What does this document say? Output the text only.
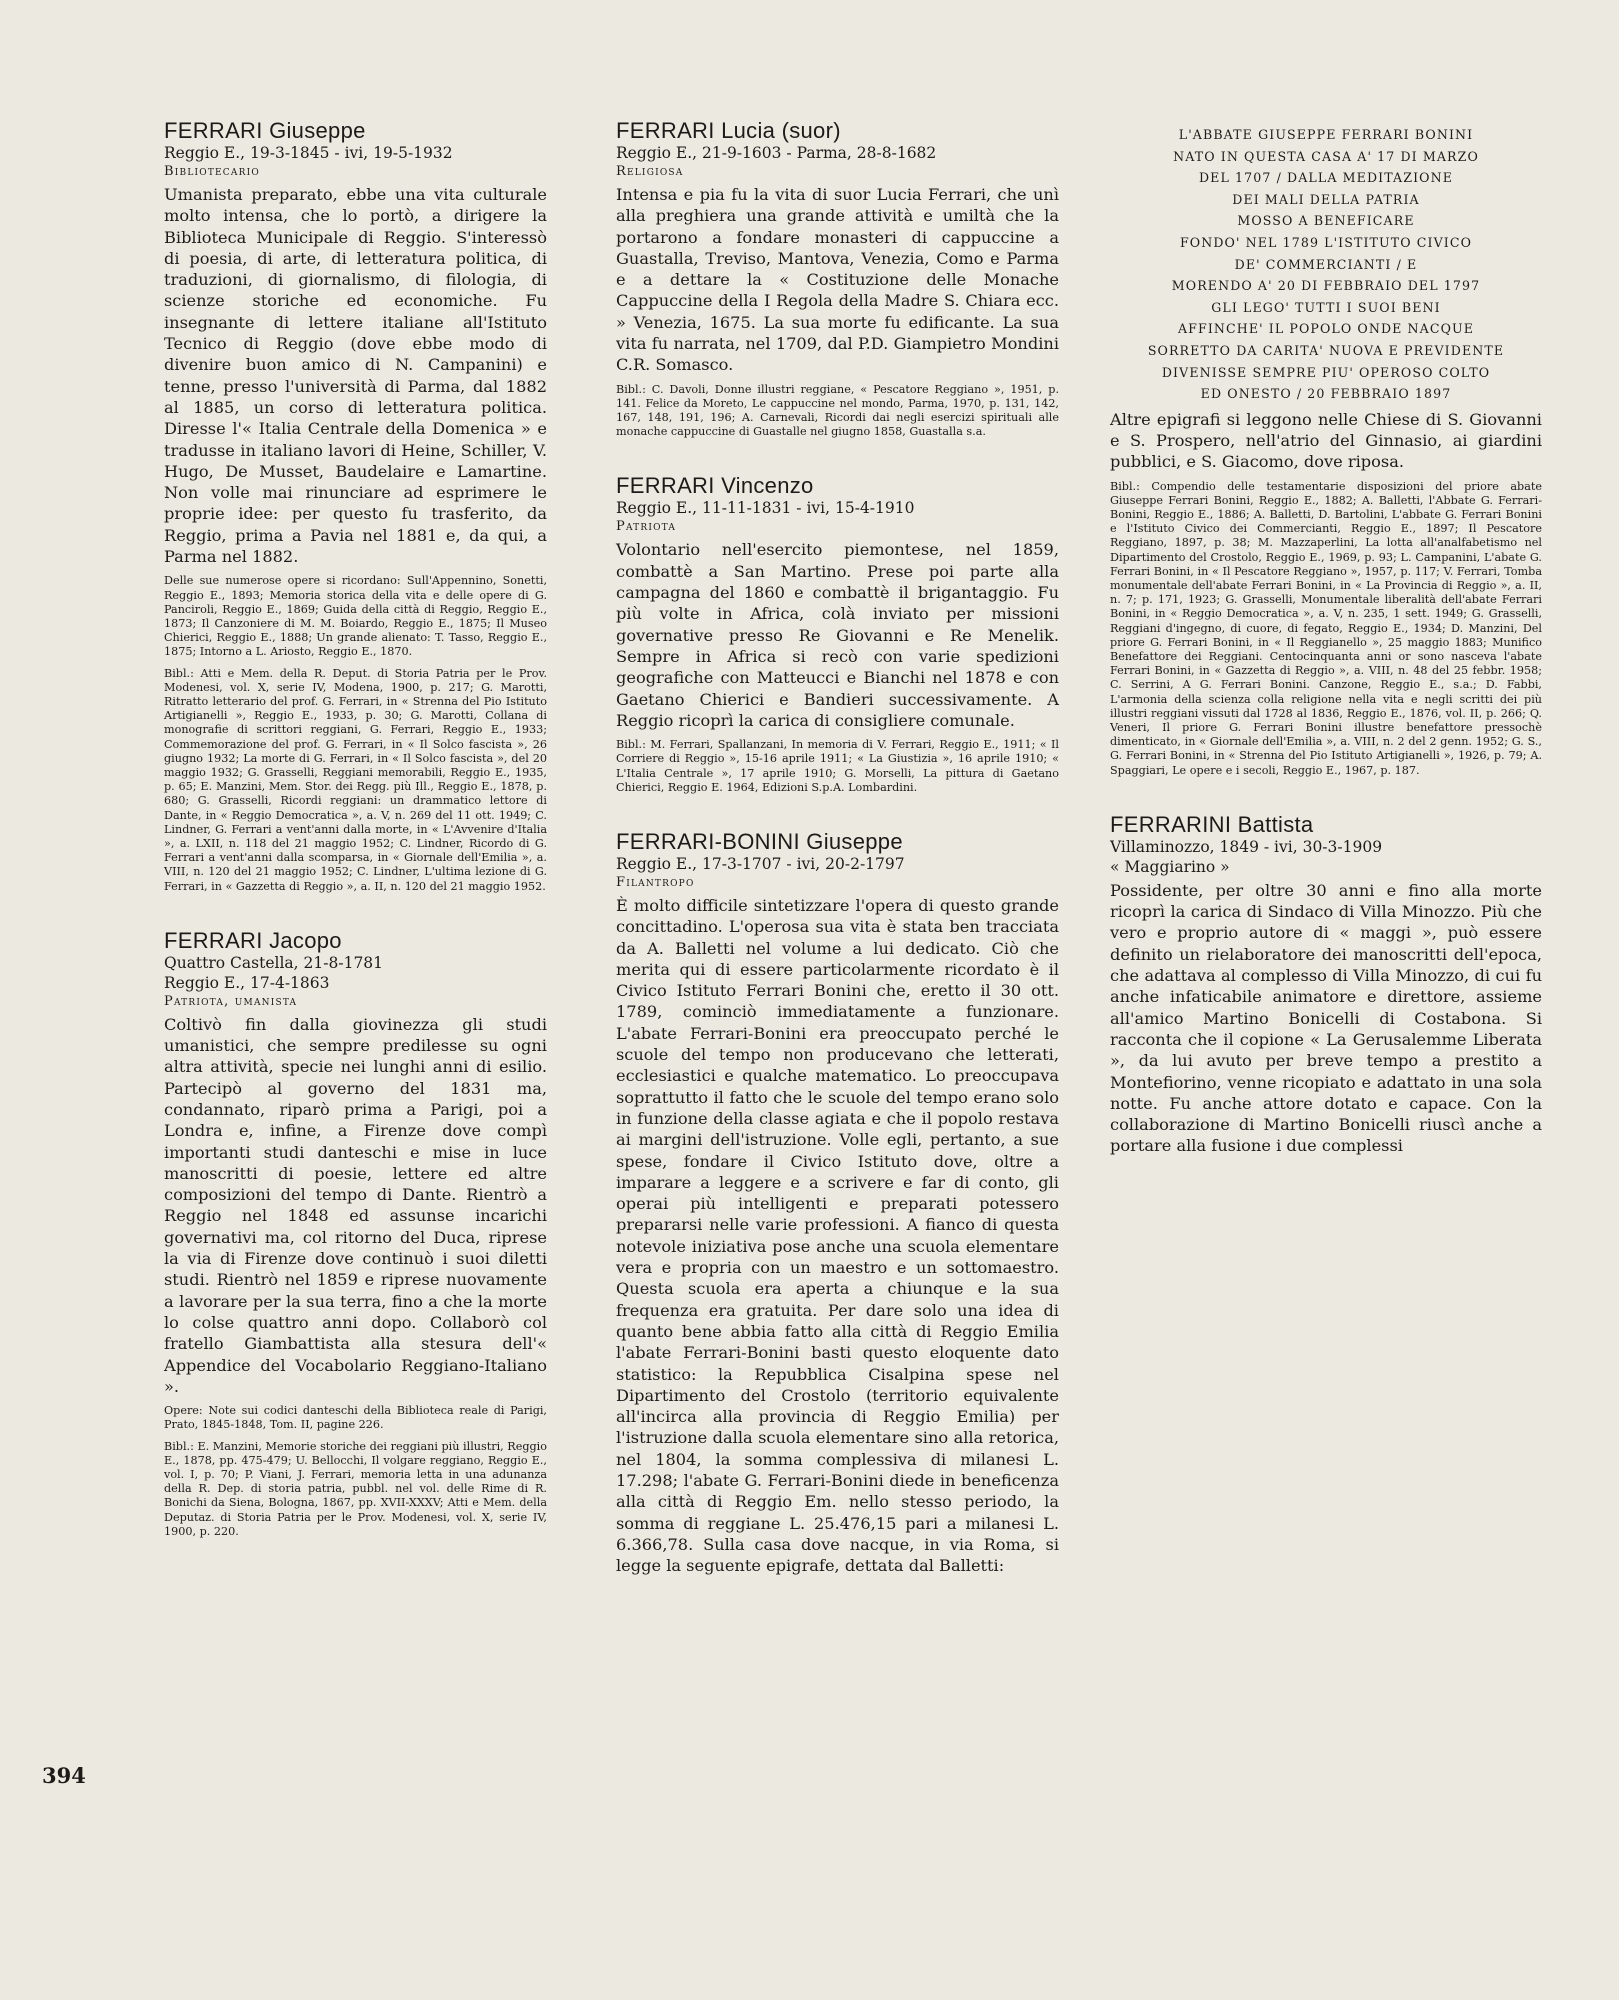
FERRARI Giuseppe
Reggio E., 19-3-1845 - ivi, 19-5-1932
Bibliotecario
Umanista preparato, ebbe una vita culturale molto intensa, che lo portò, a dirigere la Biblioteca Municipale di Reggio. S'interessò di poesia, di arte, di letteratura politica, di traduzioni, di giornalismo, di filologia, di scienze storiche ed economiche. Fu insegnante di lettere italiane all'Istituto Tecnico di Reggio (dove ebbe modo di divenire buon amico di N. Campanini) e tenne, presso l'università di Parma, dal 1882 al 1885, un corso di letteratura politica. Diresse l'« Italia Centrale della Domenica » e tradusse in italiano lavori di Heine, Schiller, V. Hugo, De Musset, Baudelaire e Lamartine. Non volle mai rinunciare ad esprimere le proprie idee: per questo fu trasferito, da Reggio, prima a Pavia nel 1881 e, da qui, a Parma nel 1882.
Delle sue numerose opere si ricordano: Sull'Appennino, Sonetti, Reggio E., 1893; Memoria storica della vita e delle opere di G. Panciroli, Reggio E., 1869; Guida della città di Reggio, Reggio E., 1873; Il Canzoniere di M. M. Boiardo, Reggio E., 1875; Il Museo Chierici, Reggio E., 1888; Un grande alienato: T. Tasso, Reggio E., 1875; Intorno a L. Ariosto, Reggio E., 1870.
Bibl.: Atti e Mem. della R. Deput. di Storia Patria per le Prov. Modenesi, vol. X, serie IV, Modena, 1900, p. 217; G. Marotti, Ritratto letterario del prof. G. Ferrari, in « Strenna del Pio Istituto Artigianelli », Reggio E., 1933, p. 30; G. Marotti, Collana di monografie di scrittori reggiani, G. Ferrari, Reggio E., 1933; Commemorazione del prof. G. Ferrari, in « Il Solco fascista », 26 giugno 1932; La morte di G. Ferrari, in « Il Solco fascista », del 20 maggio 1932; G. Grasselli, Reggiani memorabili, Reggio E., 1935, p. 65; E. Manzini, Mem. Stor. dei Regg. più Ill., Reggio E., 1878, p. 680; G. Grasselli, Ricordi reggiani: un drammatico lettore di Dante, in « Reggio Democratica », a. V, n. 269 del 11 ott. 1949; C. Lindner, G. Ferrari a vent'anni dalla morte, in « L'Avvenire d'Italia », a. LXII, n. 118 del 21 maggio 1952; C. Lindner, Ricordo di G. Ferrari a vent'anni dalla scomparsa, in « Giornale dell'Emilia », a. VIII, n. 120 del 21 maggio 1952; C. Lindner, L'ultima lezione di G. Ferrari, in « Gazzetta di Reggio », a. II, n. 120 del 21 maggio 1952.
FERRARI Jacopo
Quattro Castella, 21-8-1781
Reggio E., 17-4-1863
Patriota, umanista
Coltivò fin dalla giovinezza gli studi umanistici, che sempre predilesse su ogni altra attività, specie nei lunghi anni di esilio. Partecipò al governo del 1831 ma, condannato, riparò prima a Parigi, poi a Londra e, infine, a Firenze dove compì importanti studi danteschi e mise in luce manoscritti di poesie, lettere ed altre composizioni del tempo di Dante. Rientrò a Reggio nel 1848 ed assunse incarichi governativi ma, col ritorno del Duca, riprese la via di Firenze dove continuò i suoi diletti studi. Rientrò nel 1859 e riprese nuovamente a lavorare per la sua terra, fino a che la morte lo colse quattro anni dopo. Collaborò col fratello Giambattista alla stesura dell'« Appendice del Vocabolario Reggiano-Italiano ».
Opere: Note sui codici danteschi della Biblioteca reale di Parigi, Prato, 1845-1848, Tom. II, pagine 226.
Bibl.: E. Manzini, Memorie storiche dei reggiani più illustri, Reggio E., 1878, pp. 475-479; U. Bellocchi, Il volgare reggiano, Reggio E., vol. I, p. 70; P. Viani, J. Ferrari, memoria letta in una adunanza della R. Dep. di storia patria, pubbl. nel vol. delle Rime di R. Bonichi da Siena, Bologna, 1867, pp. XVII-XXXV; Atti e Mem. della Deputaz. di Storia Patria per le Prov. Modenesi, vol. X, serie IV, 1900, p. 220.
FERRARI Lucia (suor)
Reggio E., 21-9-1603 - Parma, 28-8-1682
Religiosa
Intensa e pia fu la vita di suor Lucia Ferrari, che unì alla preghiera una grande attività e umiltà che la portarono a fondare monasteri di cappuccine a Guastalla, Treviso, Mantova, Venezia, Como e Parma e a dettare la « Costituzione delle Monache Cappuccine della I Regola della Madre S. Chiara ecc. » Venezia, 1675. La sua morte fu edificante. La sua vita fu narrata, nel 1709, dal P.D. Giampietro Mondini C.R. Somasco.
Bibl.: C. Davoli, Donne illustri reggiane, « Pescatore Reggiano », 1951, p. 141. Felice da Moreto, Le cappuccine nel mondo, Parma, 1970, p. 131, 142, 167, 148, 191, 196; A. Carnevali, Ricordi dai negli esercizi spirituali alle monache cappuccine di Guastalle nel giugno 1858, Guastalla s.a.
FERRARI Vincenzo
Reggio E., 11-11-1831 - ivi, 15-4-1910
Patriota
Volontario nell'esercito piemontese, nel 1859, combattè a San Martino. Prese poi parte alla campagna del 1860 e combattè il brigantaggio. Fu più volte in Africa, colà inviato per missioni governative presso Re Giovanni e Re Menelik. Sempre in Africa si recò con varie spedizioni geografiche con Matteucci e Bianchi nel 1878 e con Gaetano Chierici e Bandieri successivamente. A Reggio ricoprì la carica di consigliere comunale.
Bibl.: M. Ferrari, Spallanzani, In memoria di V. Ferrari, Reggio E., 1911; « Il Corriere di Reggio », 15-16 aprile 1911; « La Giustizia », 16 aprile 1910; « L'Italia Centrale », 17 aprile 1910; G. Morselli, La pittura di Gaetano Chierici, Reggio E. 1964, Edizioni S.p.A. Lombardini.
FERRARI-BONINI Giuseppe
Reggio E., 17-3-1707 - ivi, 20-2-1797
Filantropo
È molto difficile sintetizzare l'opera di questo grande concittadino. L'operosa sua vita è stata ben tracciata da A. Balletti nel volume a lui dedicato. Ciò che merita qui di essere particolarmente ricordato è il Civico Istituto Ferrari Bonini che, eretto il 30 ott. 1789, cominciò immediatamente a funzionare. L'abate Ferrari-Bonini era preoccupato perché le scuole del tempo non producevano che letterati, ecclesiastici e qualche matematico. Lo preoccupava soprattutto il fatto che le scuole del tempo erano solo in funzione della classe agiata e che il popolo restava ai margini dell'istruzione. Volle egli, pertanto, a sue spese, fondare il Civico Istituto dove, oltre a imparare a leggere e a scrivere e far di conto, gli operai più intelligenti e preparati potessero prepararsi nelle varie professioni. A fianco di questa notevole iniziativa pose anche una scuola elementare vera e propria con un maestro e un sottomaestro. Questa scuola era aperta a chiunque e la sua frequenza era gratuita. Per dare solo una idea di quanto bene abbia fatto alla città di Reggio Emilia l'abate Ferrari-Bonini basti questo eloquente dato statistico: la Repubblica Cisalpina spese nel Dipartimento del Crostolo (territorio equivalente all'incirca alla provincia di Reggio Emilia) per l'istruzione dalla scuola elementare sino alla retorica, nel 1804, la somma complessiva di milanesi L. 17.298; l'abate G. Ferrari-Bonini diede in beneficenza alla città di Reggio Em. nello stesso periodo, la somma di reggiane L. 25.476,15 pari a milanesi L. 6.366,78. Sulla casa dove nacque, in via Roma, si legge la seguente epigrafe, dettata dal Balletti:
L'ABBATE GIUSEPPE FERRARI BONINI
NATO IN QUESTA CASA A' 17 DI MARZO
DEL 1707 / DALLA MEDITAZIONE
DEI MALI DELLA PATRIA
MOSSO A BENEFICARE
FONDO' NEL 1789 L'ISTITUTO CIVICO
DE' COMMERCIANTI / E
MORENDO A' 20 DI FEBBRAIO DEL 1797
GLI LEGO' TUTTI I SUOI BENI
AFFINCHE' IL POPOLO ONDE NACQUE
SORRETTO DA CARITA' NUOVA E PREVIDENTE
DIVENISSE SEMPRE PIU' OPEROSO COLTO
ED ONESTO / 20 FEBBRAIO 1897
Altre epigrafi si leggono nelle Chiese di S. Giovanni e S. Prospero, nell'atrio del Ginnasio, ai giardini pubblici, e S. Giacomo, dove riposa.
Bibl.: Compendio delle testamentarie disposizioni del priore abate Giuseppe Ferrari Bonini, Reggio E., 1882; A. Balletti, l'Abbate G. Ferrari-Bonini, Reggio E., 1886; A. Balletti, D. Bartolini, L'abbate G. Ferrari Bonini e l'Istituto Civico dei Commercianti, Reggio E., 1897; Il Pescatore Reggiano, 1897, p. 38; M. Mazzaperlini, La lotta all'analfabetismo nel Dipartimento del Crostolo, Reggio E., 1969, p. 93; L. Campanini, L'abate G. Ferrari Bonini, in « Il Pescatore Reggiano », 1957, p. 117; V. Ferrari, Tomba monumentale dell'abate Ferrari Bonini, in « La Provincia di Reggio », a. II, n. 7; p. 171, 1923; G. Grasselli, Monumentale liberalità dell'abate Ferrari Bonini, in « Reggio Democratica », a. V, n. 235, 1 sett. 1949; G. Grasselli, Reggiani d'ingegno, di cuore, di fegato, Reggio E., 1934; D. Manzini, Del priore G. Ferrari Bonini, in « Il Reggianello », 25 maggio 1883; Munifico Benefattore dei Reggiani. Centocinquanta anni or sono nasceva l'abate Ferrari Bonini, in « Gazzetta di Reggio », a. VIII, n. 48 del 25 febbr. 1958; C. Serrini, A G. Ferrari Bonini. Canzone, Reggio E., s.a.; D. Fabbi, L'armonia della scienza colla religione nella vita e negli scritti dei più illustri reggiani vissuti dal 1728 al 1836, Reggio E., 1876, vol. II, p. 266; Q. Veneri, Il priore G. Ferrari Bonini illustre benefattore pressochè dimenticato, in « Giornale dell'Emilia », a. VIII, n. 2 del 2 genn. 1952; G. S., G. Ferrari Bonini, in « Strenna del Pio Istituto Artigianelli », 1926, p. 79; A. Spaggiari, Le opere e i secoli, Reggio E., 1967, p. 187.
FERRARINI Battista
Villaminozzo, 1849 - ivi, 30-3-1909
« Maggiarino »
Possidente, per oltre 30 anni e fino alla morte ricoprì la carica di Sindaco di Villa Minozzo. Più che vero e proprio autore di « maggi », può essere definito un rielaboratore dei manoscritti dell'epoca, che adattava al complesso di Villa Minozzo, di cui fu anche infaticabile animatore e direttore, assieme all'amico Martino Bonicelli di Costabona. Si racconta che il copione « La Gerusalemme Liberata », da lui avuto per breve tempo a prestito a Montefiorino, venne ricopiato e adattato in una sola notte. Fu anche attore dotato e capace. Con la collaborazione di Martino Bonicelli riuscì anche a portare alla fusione i due complessi
394
